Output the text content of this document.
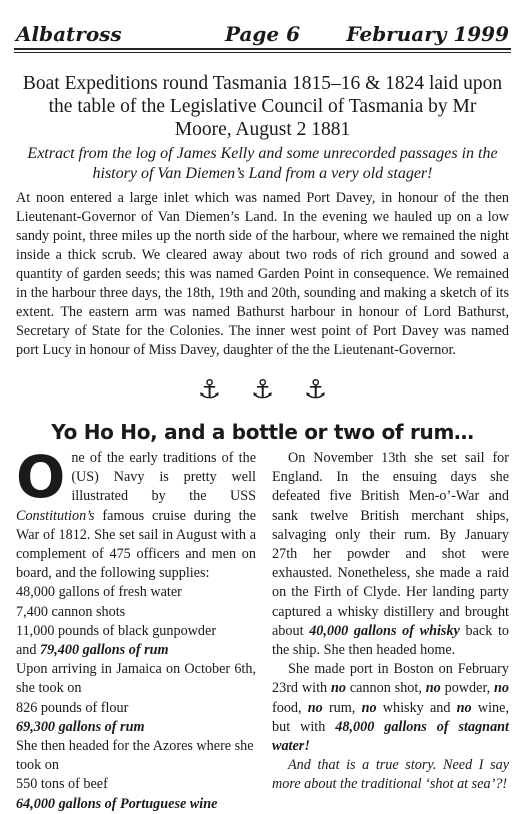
Albatross	Page 6	February 1999
Boat Expeditions round Tasmania 1815–16 & 1824 laid upon the table of the Legislative Council of Tasmania by Mr Moore, August 2 1881
Extract from the log of James Kelly and some unrecorded passages in the history of Van Diemen’s Land from a very old stager!

At noon entered a large inlet which was named Port Davey, in honour of the then Lieutenant-Governor of Van Diemen’s Land. In the evening we hauled up on a low sandy point, three miles up the north side of the harbour, where we remained the night inside a thick scrub. We cleared away about two rods of rich ground and sowed a quantity of garden seeds; this was named Garden Point in consequence. We remained in the harbour three days, the 18th, 19th and 20th, sounding and making a sketch of its extent. The eastern arm was named Bathurst harbour in honour of Lord Bathurst, Secretary of State for the Colonies. The inner west point of Port Davey was named port Lucy in honour of Miss Davey, daughter of the the Lieutenant-Governor.

⚓ ⚓ ⚓
Yo Ho Ho, and a bottle or two of rum…

One of the early traditions of the (US) Navy is pretty well illustrated by the USS Constitution’s famous cruise during the War of 1812. She set sail in August with a complement of 475 officers and men on board, and the following supplies:

48,000 gallons of fresh water
7,400 cannon shots
11,000 pounds of black gunpowder
and 79,400 gallons of rum

Upon arriving in Jamaica on October 6th, she took on

826 pounds of flour
69,300 gallons of rum

She then headed for the Azores where she took on

550 tons of beef
64,000 gallons of Portuguese wine

On November 13th she set sail for England. In the ensuing days she defeated five British Men-o’-War and sank twelve British merchant ships, salvaging only their rum. By January 27th her powder and shot were exhausted. Nonetheless, she made a raid on the Firth of Clyde. Her landing party captured a whisky distillery and brought about 40,000 gallons of whisky back to the ship. She then headed home.

She made port in Boston on February 23rd with no cannon shot, no powder, no food, no rum, no whisky and no wine, but with 48,000 gallons of stagnant water!

And that is a true story. Need I say more about the traditional ‘shot at sea’?!
